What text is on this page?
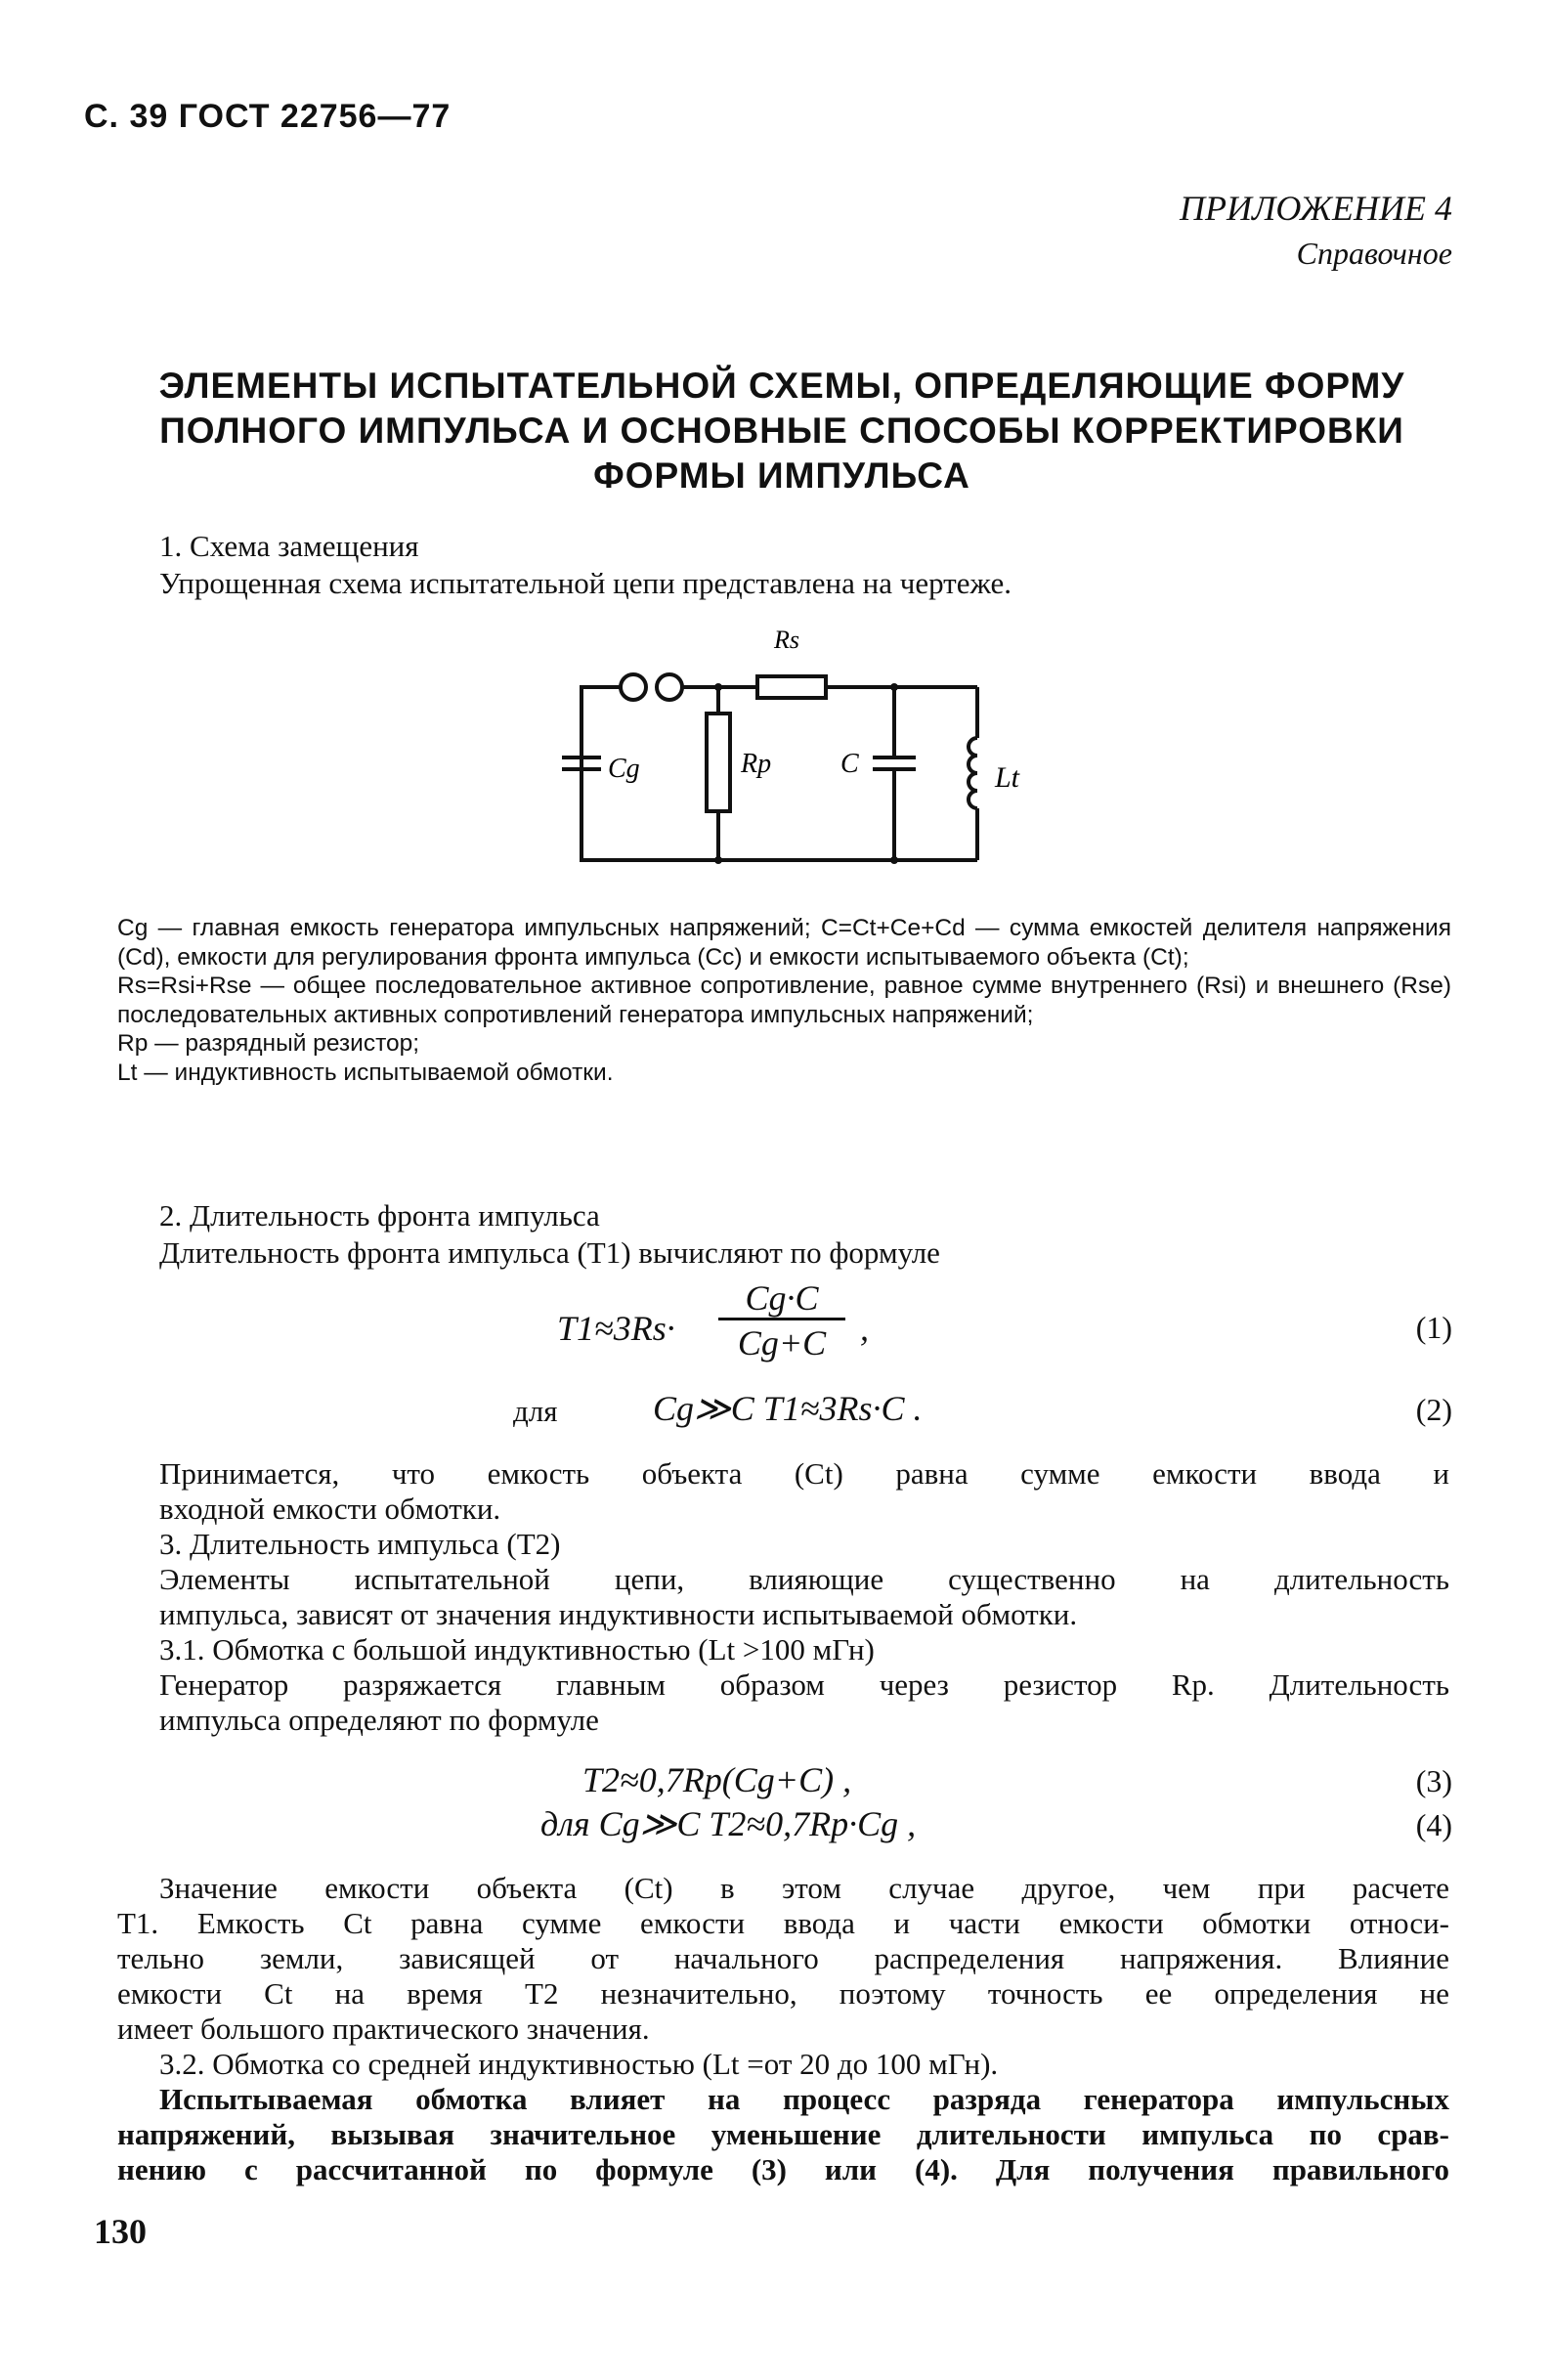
С. 39 ГОСТ 22756—77
ПРИЛОЖЕНИЕ 4
Справочное
ЭЛЕМЕНТЫ ИСПЫТАТЕЛЬНОЙ СХЕМЫ, ОПРЕДЕЛЯЮЩИЕ ФОРМУ
ПОЛНОГО ИМПУЛЬСА И ОСНОВНЫЕ СПОСОБЫ КОРРЕКТИРОВКИ
ФОРМЫ ИМПУЛЬСА
1. Схема замещения
Упрощенная схема испытательной цепи представлена на чертеже.
Rs
Cg	Rp	C	Lt
Cg — главная емкость генератора импульсных напряжений; C=Ct+Ce+Cd — сумма емкостей делителя напряжения (Cd), емкости для регулирования фронта импульса (Cc) и емкости испытываемого объекта (Ct);
Rs=Rsi+Rse — общее последовательное активное сопротивление, равное сумме внутреннего (Rsi) и внешнего (Rse) последовательных активных сопротивлений генератора импульсных напряжений;
Rp — разрядный резистор;
Lt — индуктивность испытываемой обмотки.
2. Длительность фронта импульса
Длительность фронта импульса (T1) вычисляют по формуле
T1≈3Rs·
Cg·C
Cg+C ,	(1)
для	Cg≫C T1≈3Rs·C .	(2)
Принимается, что емкость объекта (Ct) равна сумме емкости ввода и
входной емкости обмотки.
3. Длительность импульса (T2)
Элементы испытательной цепи, влияющие существенно на длительность
импульса, зависят от значения индуктивности испытываемой обмотки.
3.1. Обмотка с большой индуктивностью (Lt >100 мГн)
Генератор разряжается главным образом через резистор Rp. Длительность
импульса определяют по формуле
T2≈0,7Rp(Cg+C) ,	(3)
для Cg≫C T2≈0,7Rp·Cg ,	(4)
Значение емкости объекта (Ct) в этом случае другое, чем при расчете
T1. Емкость Ct равна сумме емкости ввода и части емкости обмотки относи-
тельно земли, зависящей от начального распределения напряжения. Влияние
емкости Ct на время T2 незначительно, поэтому точность ее определения не
имеет большого практического значения.
3.2. Обмотка со средней индуктивностью (Lt =от 20 до 100 мГн).
Испытываемая обмотка влияет на процесс разряда генератора импульсных
напряжений, вызывая значительное уменьшение длительности импульса по срав-
нению с рассчитанной по формуле (3) или (4). Для получения правильного
130
